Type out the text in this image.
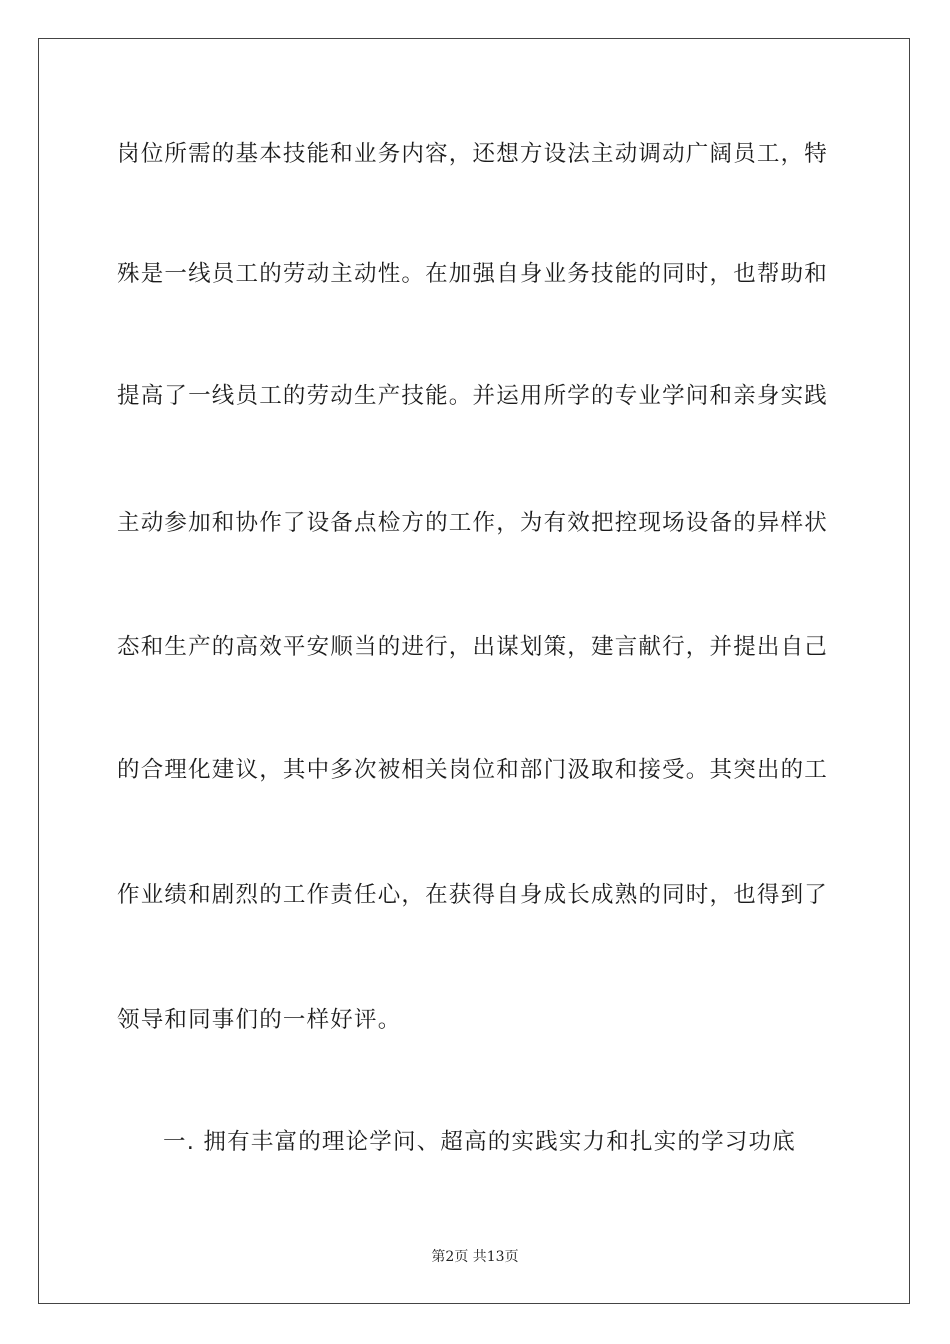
岗位所需的基本技能和业务内容，还想方设法主动调动广阔员工，特
殊是一线员工的劳动主动性。在加强自身业务技能的同时，也帮助和
提高了一线员工的劳动生产技能。并运用所学的专业学问和亲身实践
主动参加和协作了设备点检方的工作，为有效把控现场设备的异样状
态和生产的高效平安顺当的进行，出谋划策，建言献行，并提出自己
的合理化建议，其中多次被相关岗位和部门汲取和接受。其突出的工
作业绩和剧烈的工作责任心，在获得自身成长成熟的同时，也得到了
领导和同事们的一样好评。
一. 拥有丰富的理论学问、超高的实践实力和扎实的学习功底
第2页 共13页
